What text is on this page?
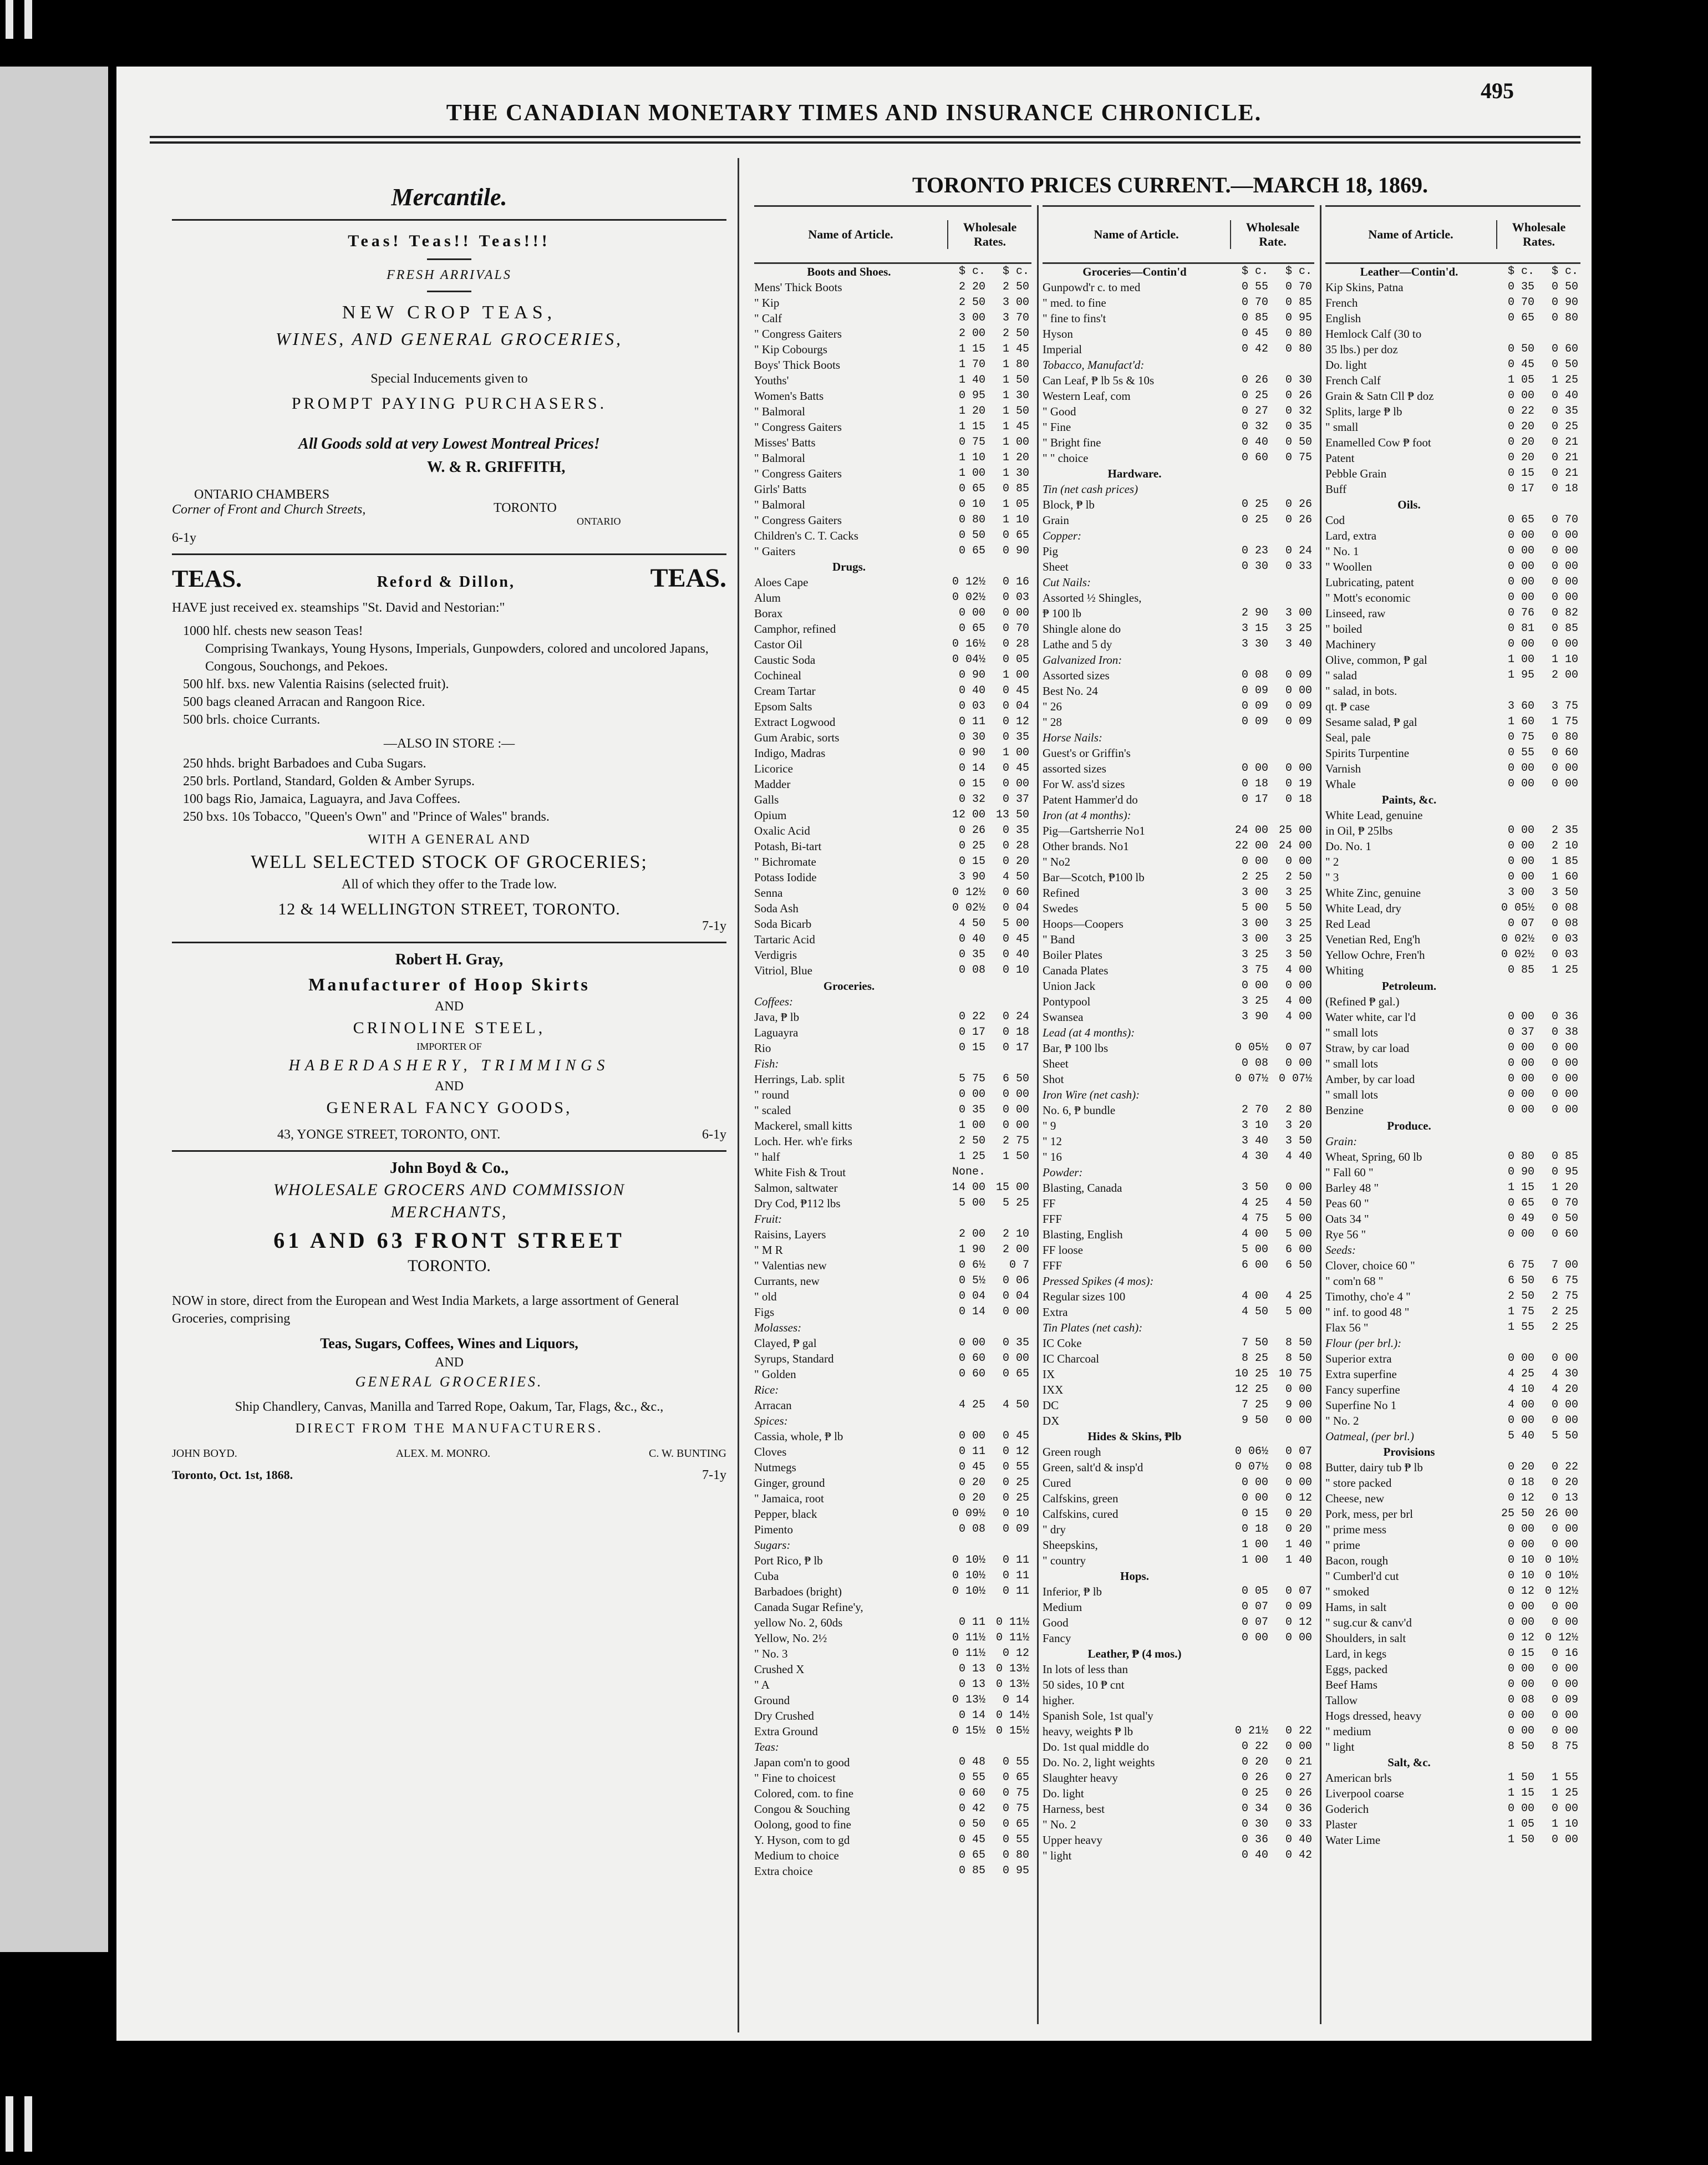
THE CANADIAN MONETARY TIMES AND INSURANCE CHRONICLE.
495
Mercantile.
Teas! Teas!! Teas!!!
FRESH ARRIVALS
NEW CROP TEAS,
WINES, AND GENERAL GROCERIES,
Special Inducements given to
PROMPT PAYING PURCHASERS.
All Goods sold at very Lowest Montreal Prices!
W. & R. GRIFFITH,
ONTARIO CHAMBERS
Corner of Front and Church Streets,	TORONTO
ONTARIO
6-1y
TEAS.	Reford & Dillon,	TEAS.
HAVE just received ex. steamships "St. David and Nestorian:"
1000 hlf. chests new season Teas!
Comprising Twankays, Young Hysons, Imperials, Gunpowders, colored and uncolored Japans, Congous, Souchongs, and Pekoes.
500 hlf. bxs. new Valentia Raisins (selected fruit).
500 bags cleaned Arracan and Rangoon Rice.
500 brls. choice Currants.
—ALSO IN STORE :—
250 hhds. bright Barbadoes and Cuba Sugars.
250 brls. Portland, Standard, Golden & Amber Syrups.
100 bags Rio, Jamaica, Laguayra, and Java Coffees.
250 bxs. 10s Tobacco, "Queen's Own" and "Prince of Wales" brands.
WITH A GENERAL AND
WELL SELECTED STOCK OF GROCERIES;
All of which they offer to the Trade low.
12 & 14 WELLINGTON STREET, TORONTO.
7-1y
Robert H. Gray,
Manufacturer of Hoop Skirts
AND
CRINOLINE STEEL,
IMPORTER OF
HABERDASHERY, TRIMMINGS
AND
GENERAL FANCY GOODS,
43, YONGE STREET, TORONTO, ONT.	6-1y
John Boyd & Co.,
WHOLESALE GROCERS AND COMMISSION
MERCHANTS,
61 AND 63 FRONT STREET
TORONTO.
NOW in store, direct from the European and West India Markets, a large assortment of General Groceries, comprising
Teas, Sugars, Coffees, Wines and Liquors,
AND
GENERAL GROCERIES.
Ship Chandlery, Canvas, Manilla and Tarred Rope, Oakum, Tar, Flags, &c., &c.,
DIRECT FROM THE MANUFACTURERS.
JOHN BOYD.	ALEX. M. MONRO.	C. W. BUNTING
Toronto, Oct. 1st, 1868.	7-1y
TORONTO PRICES CURRENT.—MARCH 18, 1869.
Name of Article.
Wholesale Rates.
Boots and Shoes.	$ c.	$ c.
Mens' Thick Boots	2 20	2 50
" Kip	2 50	3 00
" Calf	3 00	3 70
" Congress Gaiters	2 00	2 50
" Kip Cobourgs	1 15	1 45
Boys' Thick Boots	1 70	1 80
Youths'	1 40	1 50
Women's Batts	0 95	1 30
" Balmoral	1 20	1 50
" Congress Gaiters	1 15	1 45
Misses' Batts	0 75	1 00
" Balmoral	1 10	1 20
" Congress Gaiters	1 00	1 30
Girls' Batts	0 65	0 85
" Balmoral	0 10	1 05
" Congress Gaiters	0 80	1 10
Children's C. T. Cacks	0 50	0 65
" Gaiters	0 65	0 90
Drugs.
Aloes Cape	0 12½	0 16
Alum	0 02½	0 03
Borax	0 00	0 00
Camphor, refined	0 65	0 70
Castor Oil	0 16½	0 28
Caustic Soda	0 04½	0 05
Cochineal	0 90	1 00
Cream Tartar	0 40	0 45
Epsom Salts	0 03	0 04
Extract Logwood	0 11	0 12
Gum Arabic, sorts	0 30	0 35
Indigo, Madras	0 90	1 00
Licorice	0 14	0 45
Madder	0 15	0 00
Galls	0 32	0 37
Opium	12 00 13 50
Oxalic Acid	0 26	0 35
Potash, Bi-tart	0 25	0 28
" Bichromate	0 15	0 20
Potass Iodide	3 90	4 50
Senna	0 12½	0 60
Soda Ash	0 02½	0 04
Soda Bicarb	4 50	5 00
Tartaric Acid	0 40	0 45
Verdigris	0 35	0 40
Vitriol, Blue	0 08	0 10
Groceries.
Coffees:
Java, ₱ lb	0 22	0 24
Laguayra	0 17	0 18
Rio	0 15	0 17
Fish:
Herrings, Lab. split	5 75	6 50
" round	0 00	0 00
" scaled	0 35	0 00
Mackerel, small kitts	1 00	0 00
Loch. Her. wh'e firks	2 50	2 75
" half	1 25	1 50
White Fish & Trout	None.
Salmon, saltwater	14 00 15 00
Dry Cod, ₱112 lbs	5 00	5 25
Fruit:
Raisins, Layers	2 00	2 10
" M R	1 90	2 00
" Valentias new	0 6½	0 7
Currants, new	0 5½	0 06
" old	0 04	0 04
Figs	0 14	0 00
Molasses:
Clayed, ₱ gal	0 00	0 35
Syrups, Standard	0 60	0 00
" Golden	0 60	0 65
Rice:
Arracan	4 25	4 50
Spices:
Cassia, whole, ₱ lb	0 00	0 45
Cloves	0 11	0 12
Nutmegs	0 45	0 55
Ginger, ground	0 20	0 25
" Jamaica, root	0 20	0 25
Pepper, black	0 09½	0 10
Pimento	0 08	0 09
Sugars:
Port Rico, ₱ lb	0 10½	0 11
Cuba	0 10½	0 11
Barbadoes (bright)	0 10½	0 11
Canada Sugar Refine'y,
yellow No. 2, 60ds	0 11 0 11½
Yellow, No. 2½	0 11½ 0 11½
" No. 3	0 11½	0 12
Crushed X	0 13 0 13½
" A	0 13 0 13½
Ground	0 13½	0 14
Dry Crushed	0 14 0 14½
Extra Ground	0 15½ 0 15½
Teas:
Japan com'n to good	0 48	0 55
" Fine to choicest	0 55	0 65
Colored, com. to fine	0 60	0 75
Congou & Souching	0 42	0 75
Oolong, good to fine	0 50	0 65
Y. Hyson, com to gd	0 45	0 55
Medium to choice	0 65	0 80
Extra choice	0 85	0 95
Name of Article.
Wholesale Rate.
Groceries—Contin'd	$ c.	$ c.
Gunpowd'r c. to med	0 55	0 70
" med. to fine	0 70	0 85
" fine to fins't	0 85	0 95
Hyson	0 45	0 80
Imperial	0 42	0 80
Tobacco, Manufact'd:
Can Leaf, ₱ lb 5s & 10s	0 26	0 30
Western Leaf, com	0 25	0 26
" Good	0 27	0 32
" Fine	0 32	0 35
" Bright fine	0 40	0 50
" " choice	0 60	0 75
Hardware.
Tin (net cash prices)
Block, ₱ lb	0 25	0 26
Grain	0 25	0 26
Copper:
Pig	0 23	0 24
Sheet	0 30	0 33
Cut Nails:
Assorted ½ Shingles,
₱ 100 lb	2 90	3 00
Shingle alone do	3 15	3 25
Lathe and 5 dy	3 30	3 40
Galvanized Iron:
Assorted sizes	0 08	0 09
Best No. 24	0 09	0 00
" 26	0 09	0 09
" 28	0 09	0 09
Horse Nails:
Guest's or Griffin's
assorted sizes	0 00	0 00
For W. ass'd sizes	0 18	0 19
Patent Hammer'd do	0 17	0 18
Iron (at 4 months):
Pig—Gartsherrie No1	24 00 25 00
Other brands. No1	22 00 24 00
" No2	0 00	0 00
Bar—Scotch, ₱100 lb	2 25	2 50
Refined	3 00	3 25
Swedes	5 00	5 50
Hoops—Coopers	3 00	3 25
" Band	3 00	3 25
Boiler Plates	3 25	3 50
Canada Plates	3 75	4 00
Union Jack	0 00	0 00
Pontypool	3 25	4 00
Swansea	3 90	4 00
Lead (at 4 months):
Bar, ₱ 100 lbs	0 05½	0 07
Sheet	0 08	0 00
Shot	0 07½ 0 07½
Iron Wire (net cash):
No. 6, ₱ bundle	2 70	2 80
" 9	3 10	3 20
" 12	3 40	3 50
" 16	4 30	4 40
Powder:
Blasting, Canada	3 50	0 00
FF	4 25	4 50
FFF	4 75	5 00
Blasting, English	4 00	5 00
FF loose	5 00	6 00
FFF	6 00	6 50
Pressed Spikes (4 mos):
Regular sizes 100	4 00	4 25
Extra	4 50	5 00
Tin Plates (net cash):
IC Coke	7 50	8 50
IC Charcoal	8 25	8 50
IX	10 25 10 75
IXX	12 25	0 00
DC	7 25	9 00
DX	9 50	0 00
Hides & Skins, ₱lb
Green rough	0 06½	0 07
Green, salt'd & insp'd	0 07½	0 08
Cured	0 00	0 00
Calfskins, green	0 00	0 12
Calfskins, cured	0 15	0 20
" dry	0 18	0 20
Sheepskins,	1 00	1 40
" country	1 00	1 40
Hops.
Inferior, ₱ lb	0 05	0 07
Medium	0 07	0 09
Good	0 07	0 12
Fancy	0 00	0 00
Leather, ₱ (4 mos.)
In lots of less than
50 sides, 10 ₱ cnt
higher.
Spanish Sole, 1st qual'y
heavy, weights ₱ lb	0 21½	0 22
Do. 1st qual middle do	0 22	0 00
Do. No. 2, light weights	0 20	0 21
Slaughter heavy	0 26	0 27
Do. light	0 25	0 26
Harness, best	0 34	0 36
" No. 2	0 30	0 33
Upper heavy	0 36	0 40
" light	0 40	0 42
Name of Article.
Wholesale Rates.
Leather—Contin'd.	$ c.	$ c.
Kip Skins, Patna	0 35	0 50
French	0 70	0 90
English	0 65	0 80
Hemlock Calf (30 to
35 lbs.) per doz	0 50	0 60
Do. light	0 45	0 50
French Calf	1 05	1 25
Grain & Satn Cll ₱ doz	0 00	0 40
Splits, large ₱ lb	0 22	0 35
" small	0 20	0 25
Enamelled Cow ₱ foot	0 20	0 21
Patent	0 20	0 21
Pebble Grain	0 15	0 21
Buff	0 17	0 18
Oils.
Cod	0 65	0 70
Lard, extra	0 00	0 00
" No. 1	0 00	0 00
" Woollen	0 00	0 00
Lubricating, patent	0 00	0 00
" Mott's economic	0 00	0 00
Linseed, raw	0 76	0 82
" boiled	0 81	0 85
Machinery	0 00	0 00
Olive, common, ₱ gal	1 00	1 10
" salad	1 95	2 00
" salad, in bots.
qt. ₱ case	3 60	3 75
Sesame salad, ₱ gal	1 60	1 75
Seal, pale	0 75	0 80
Spirits Turpentine	0 55	0 60
Varnish	0 00	0 00
Whale	0 00	0 00
Paints, &c.
White Lead, genuine
in Oil, ₱ 25lbs	0 00	2 35
Do. No. 1	0 00	2 10
" 2	0 00	1 85
" 3	0 00	1 60
White Zinc, genuine	3 00	3 50
White Lead, dry	0 05½	0 08
Red Lead	0 07	0 08
Venetian Red, Eng'h	0 02½	0 03
Yellow Ochre, Fren'h	0 02½	0 03
Whiting	0 85	1 25
Petroleum.
(Refined ₱ gal.)
Water white, car l'd	0 00	0 36
" small lots	0 37	0 38
Straw, by car load	0 00	0 00
" small lots	0 00	0 00
Amber, by car load	0 00	0 00
" small lots	0 00	0 00
Benzine	0 00	0 00
Produce.
Grain:
Wheat, Spring, 60 lb	0 80	0 85
" Fall 60 "	0 90	0 95
Barley 48 "	1 15	1 20
Peas 60 "	0 65	0 70
Oats 34 "	0 49	0 50
Rye 56 "	0 00	0 60
Seeds:
Clover, choice 60 "	6 75	7 00
" com'n 68 "	6 50	6 75
Timothy, cho'e 4 "	2 50	2 75
" inf. to good 48 "	1 75	2 25
Flax 56 "	1 55	2 25
Flour (per brl.):
Superior extra	0 00	0 00
Extra superfine	4 25	4 30
Fancy superfine	4 10	4 20
Superfine No 1	4 00	0 00
" No. 2	0 00	0 00
Oatmeal, (per brl.)	5 40	5 50
Provisions
Butter, dairy tub ₱ lb	0 20	0 22
" store packed	0 18	0 20
Cheese, new	0 12	0 13
Pork, mess, per brl	25 50 26 00
" prime mess	0 00	0 00
" prime	0 00	0 00
Bacon, rough	0 10 0 10½
" Cumberl'd cut	0 10 0 10½
" smoked	0 12 0 12½
Hams, in salt	0 00	0 00
" sug.cur & canv'd	0 00	0 00
Shoulders, in salt	0 12 0 12½
Lard, in kegs	0 15	0 16
Eggs, packed	0 00	0 00
Beef Hams	0 00	0 00
Tallow	0 08	0 09
Hogs dressed, heavy	0 00	0 00
" medium	0 00	0 00
" light	8 50	8 75
Salt, &c.
American brls	1 50	1 55
Liverpool coarse	1 15	1 25
Goderich	0 00	0 00
Plaster	1 05	1 10
Water Lime	1 50	0 00
